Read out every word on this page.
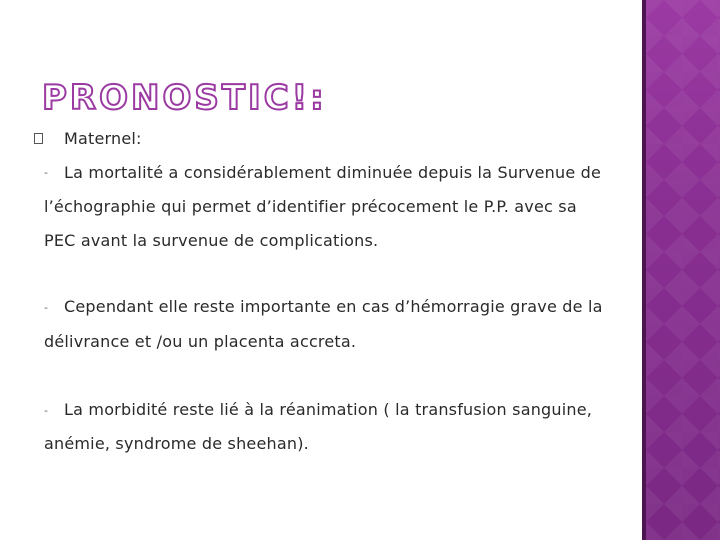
PRONOSTIC!:
Maternel:
- La mortalité a considérablement diminuée depuis la Survenue de
l’échographie qui permet d’identifier précocement le P.P. avec sa
PEC avant la survenue de complications.
- Cependant elle reste importante en cas d’hémorragie grave de la
délivrance et /ou un placenta accreta.
- La morbidité reste lié à la réanimation ( la transfusion sanguine,
anémie, syndrome de sheehan).
